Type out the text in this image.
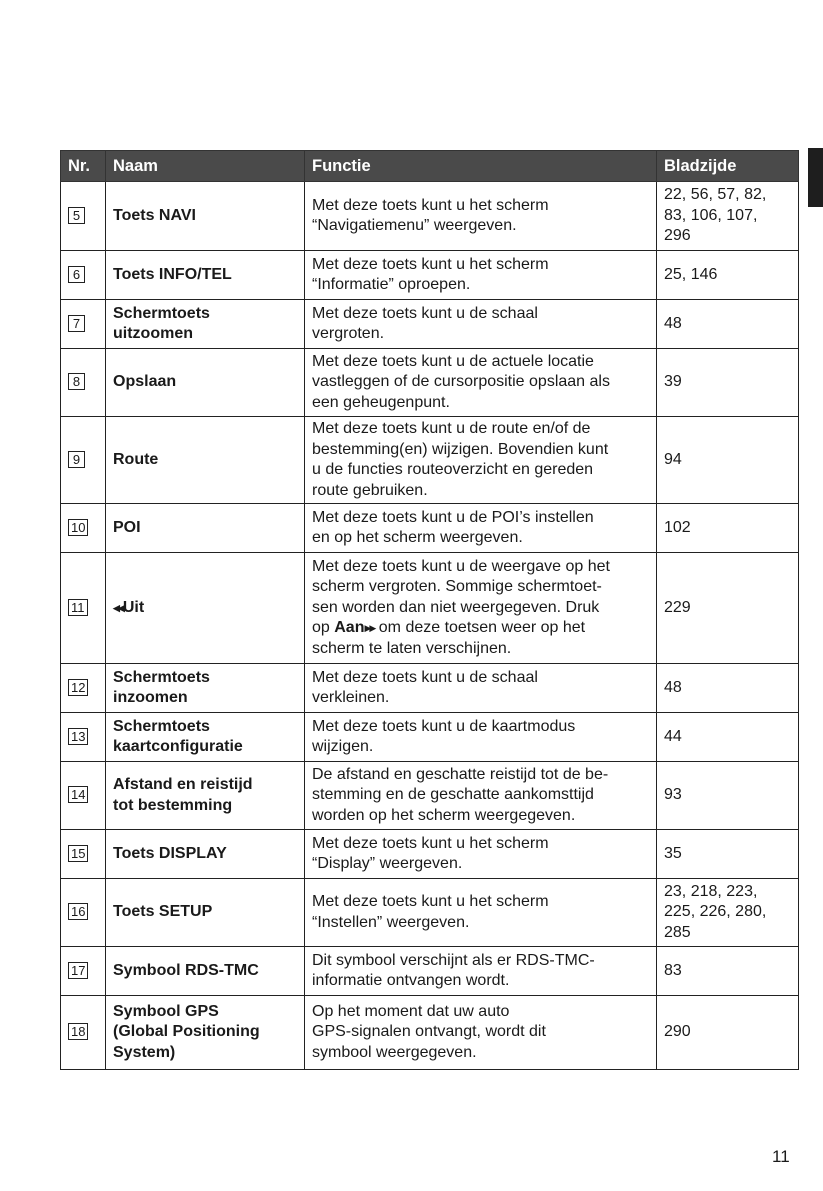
Nr.	Naam	Functie	Bladzijde
5	Toets NAVI	Met deze toets kunt u het scherm
“Navigatiemenu” weergeven.	22, 56, 57, 82,
83, 106, 107,
296
6	Toets INFO/TEL	Met deze toets kunt u het scherm
“Informatie” oproepen.	25, 146
7	Schermtoets
uitzoomen	Met deze toets kunt u de schaal
vergroten.	48
8	Opslaan	Met deze toets kunt u de actuele locatie
vastleggen of de cursorpositie opslaan als
een geheugenpunt.	39
9	Route	Met deze toets kunt u de route en/of de
bestemming(en) wijzigen. Bovendien kunt
u de functies routeoverzicht en gereden
route gebruiken.	94
10	POI	Met deze toets kunt u de POI’s instellen
en op het scherm weergeven.	102
11	◀◀Uit	Met deze toets kunt u de weergave op het
scherm vergroten. Sommige schermtoet-
sen worden dan niet weergegeven. Druk
op Aan▶▶ om deze toetsen weer op het
scherm te laten verschijnen.	229
12	Schermtoets
inzoomen	Met deze toets kunt u de schaal
verkleinen.	48
13	Schermtoets
kaartconfiguratie	Met deze toets kunt u de kaartmodus
wijzigen.	44
14	Afstand en reistijd
tot bestemming	De afstand en geschatte reistijd tot de be-
stemming en de geschatte aankomsttijd
worden op het scherm weergegeven.	93
15	Toets DISPLAY	Met deze toets kunt u het scherm
“Display” weergeven.	35
16	Toets SETUP	Met deze toets kunt u het scherm
“Instellen” weergeven.	23, 218, 223,
225, 226, 280,
285
17	Symbool RDS-TMC	Dit symbool verschijnt als er RDS-TMC-
informatie ontvangen wordt.	83
18	Symbool GPS
(Global Positioning
System)	Op het moment dat uw auto
GPS-signalen ontvangt, wordt dit
symbool weergegeven.	290
11
